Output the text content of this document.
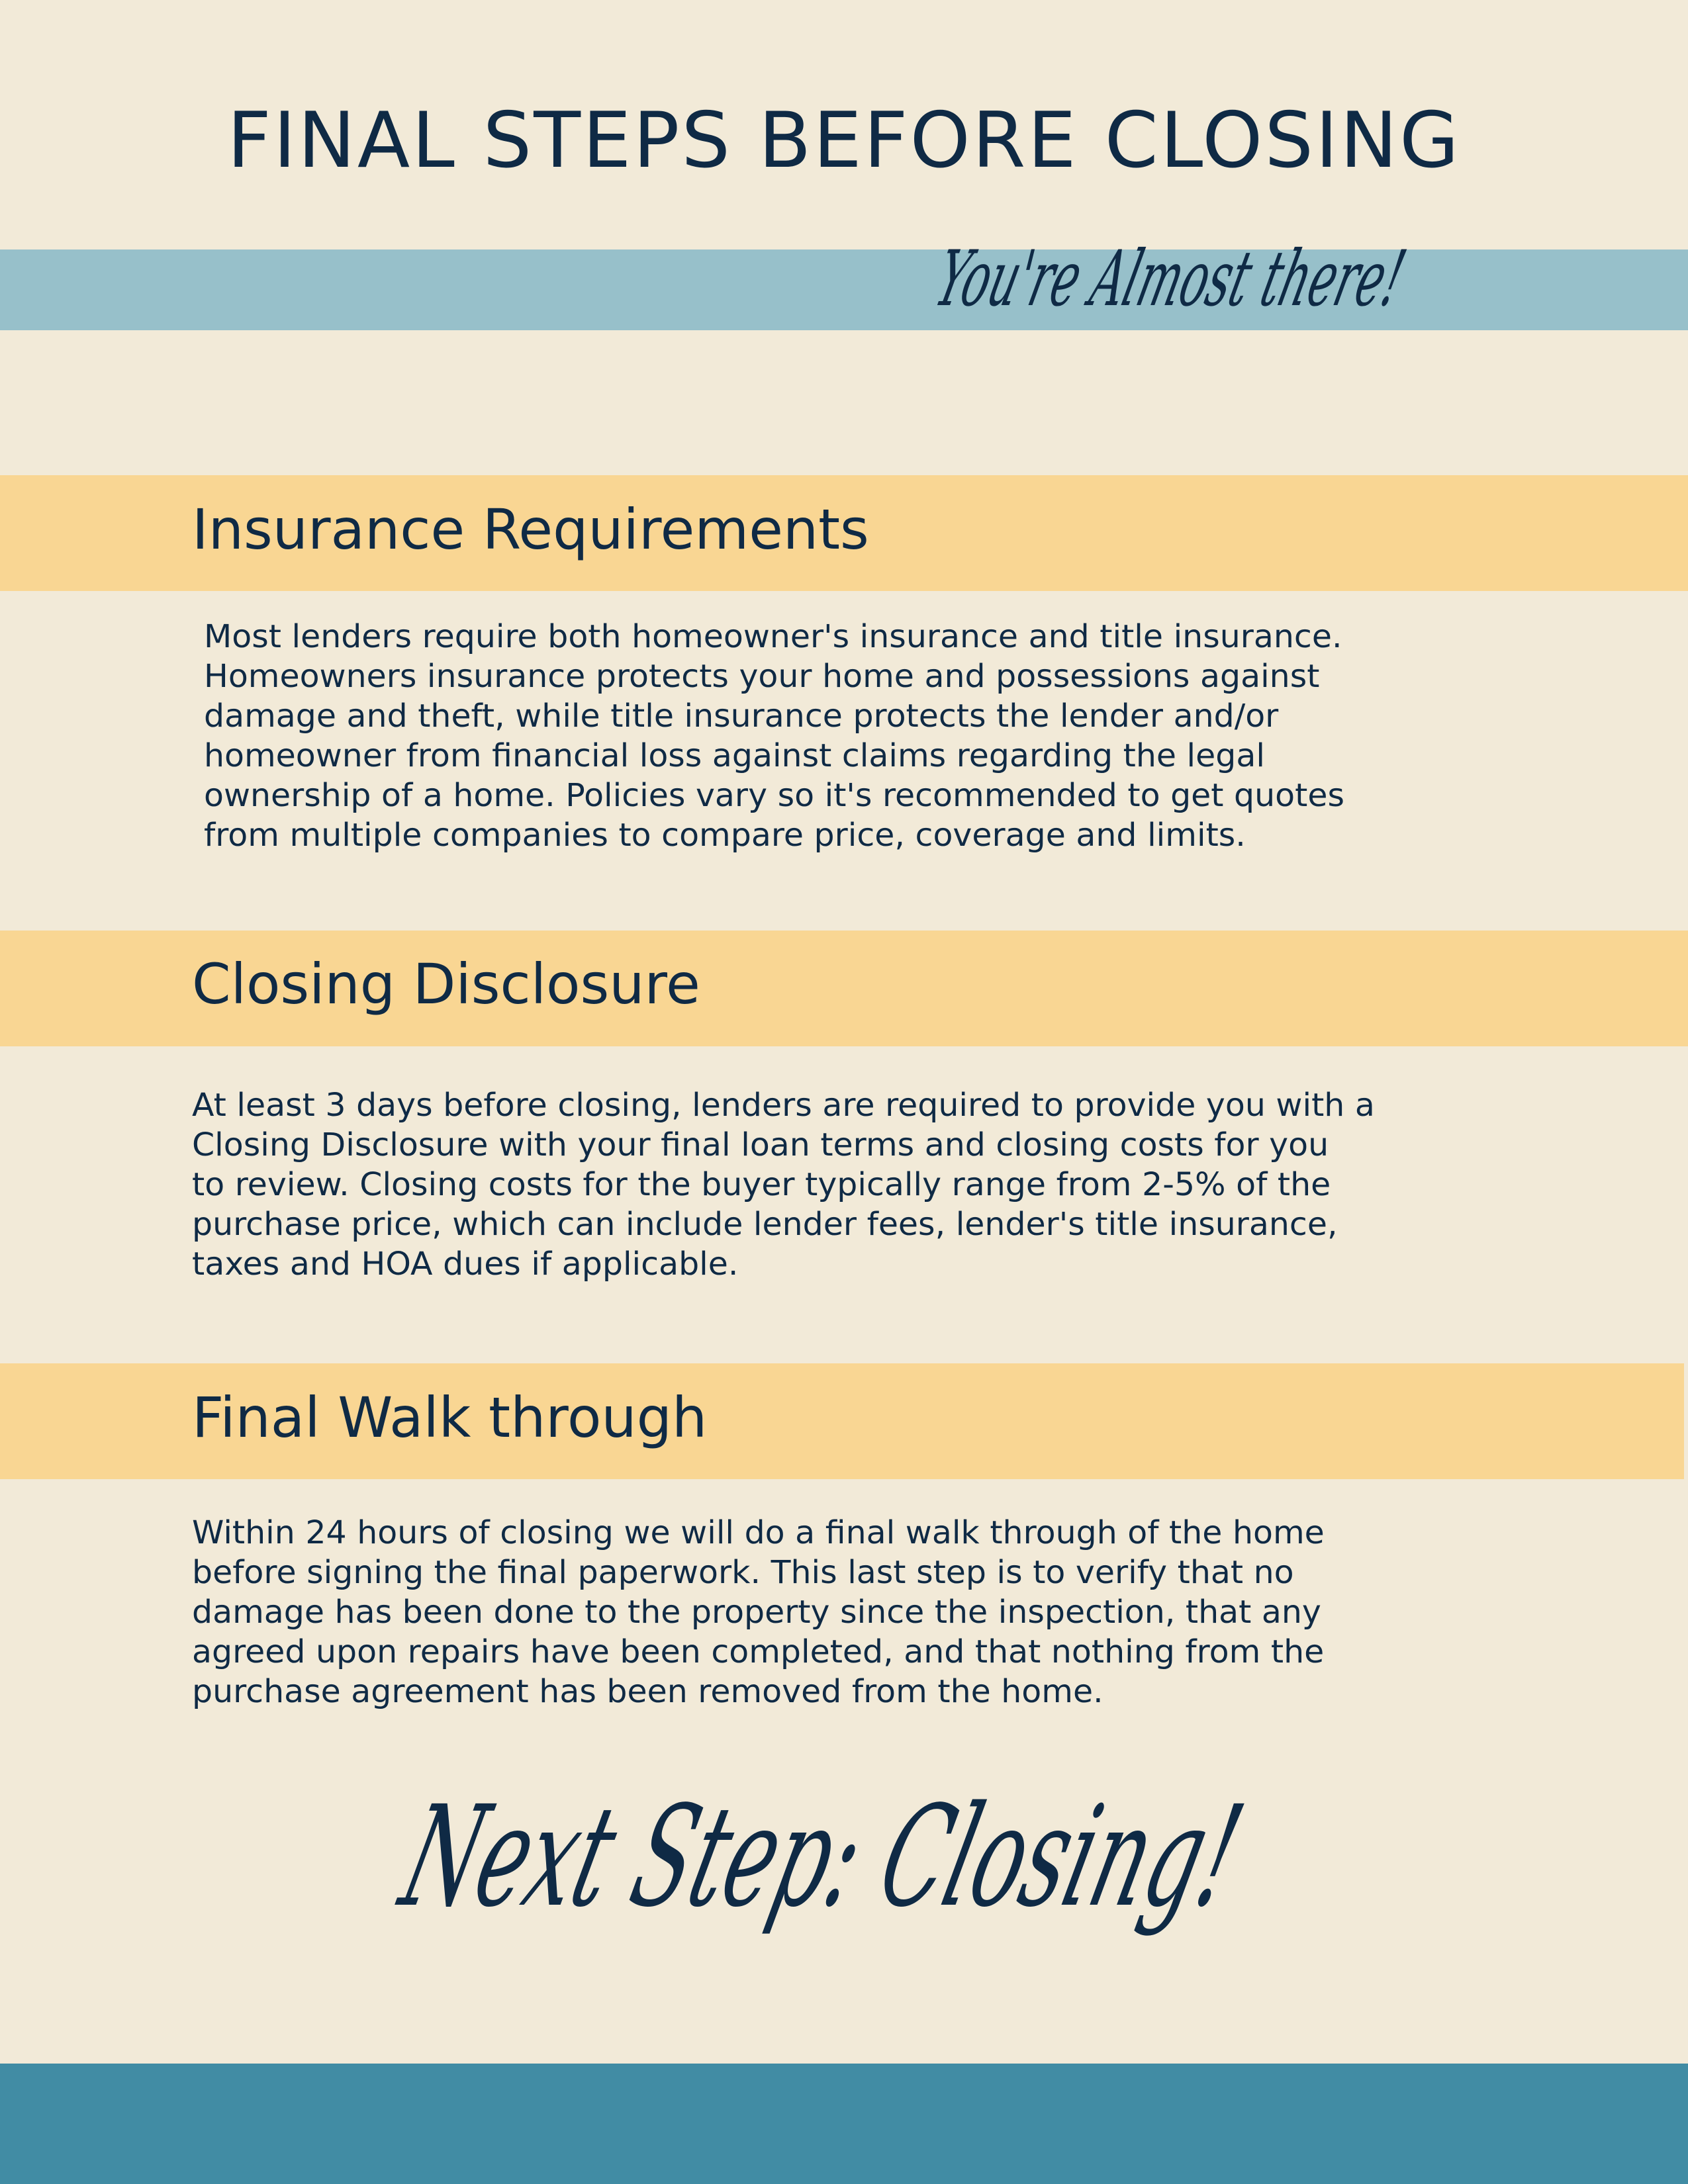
FINAL STEPS BEFORE CLOSING
You're Almost there!
Insurance Requirements

Most lenders require both homeowner's insurance and title insurance.
Homeowners insurance protects your home and possessions against
damage and theft, while title insurance protects the lender and/or
homeowner from financial loss against claims regarding the legal
ownership of a home. Policies vary so it's recommended to get quotes
from multiple companies to compare price, coverage and limits.

Closing Disclosure

At least 3 days before closing, lenders are required to provide you with a
Closing Disclosure with your final loan terms and closing costs for you
to review. Closing costs for the buyer typically range from 2-5% of the
purchase price, which can include lender fees, lender's title insurance,
taxes and HOA dues if applicable.

Final Walk through

Within 24 hours of closing we will do a final walk through of the home
before signing the final paperwork. This last step is to verify that no
damage has been done to the property since the inspection, that any
agreed upon repairs have been completed, and that nothing from the
purchase agreement has been removed from the home.

Next Step: Closing!
